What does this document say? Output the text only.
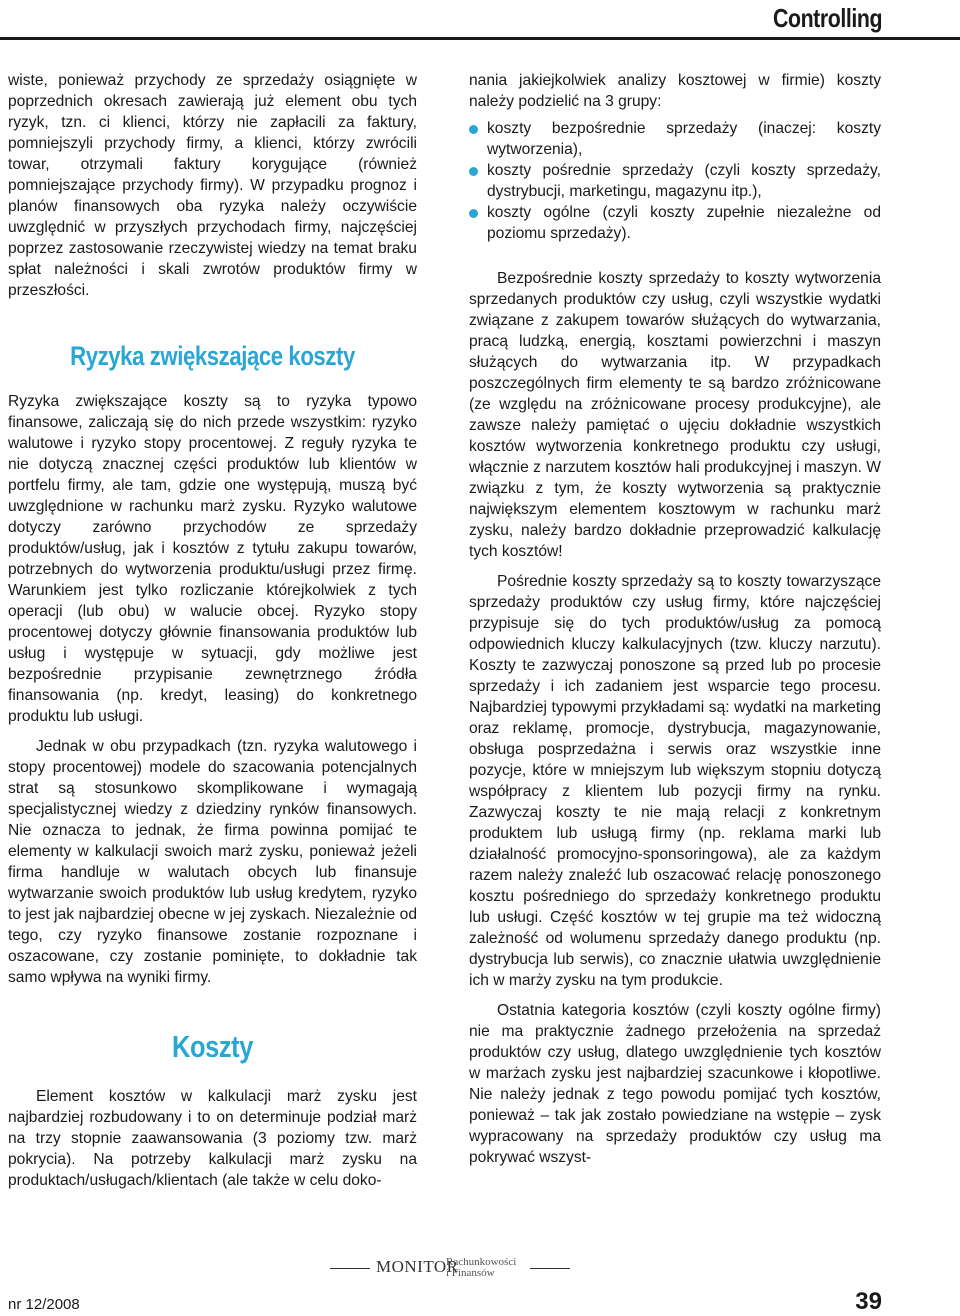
Controlling

wiste, ponieważ przychody ze sprzedaży osiągnięte w poprzednich okresach zawierają już element obu tych ryzyk, tzn. ci klienci, którzy nie zapłacili za faktury, pomniejszyli przychody firmy, a klienci, którzy zwrócili towar, otrzymali faktury korygujące (również pomniejszające przychody firmy). W przypadku prognoz i planów finansowych oba ryzyka należy oczywiście uwzględnić w przyszłych przychodach firmy, najczęściej poprzez zastosowanie rzeczywistej wiedzy na temat braku spłat należności i skali zwrotów produktów firmy w przeszłości.

Ryzyka zwiększające koszty

Ryzyka zwiększające koszty są to ryzyka typowo finansowe, zaliczają się do nich przede wszystkim: ryzyko walutowe i ryzyko stopy procentowej. Z reguły ryzyka te nie dotyczą znacznej części produktów lub klientów w portfelu firmy, ale tam, gdzie one występują, muszą być uwzględnione w rachunku marż zysku. Ryzyko walutowe dotyczy zarówno przychodów ze sprzedaży produktów/usług, jak i kosztów z tytułu zakupu towarów, potrzebnych do wytworzenia produktu/usługi przez firmę. Warunkiem jest tylko rozliczanie którejkolwiek z tych operacji (lub obu) w walucie obcej. Ryzyko stopy procentowej dotyczy głównie finansowania produktów lub usług i występuje w sytuacji, gdy możliwe jest bezpośrednie przypisanie zewnętrznego źródła finansowania (np. kredyt, leasing) do konkretnego produktu lub usługi.

Jednak w obu przypadkach (tzn. ryzyka walutowego i stopy procentowej) modele do szacowania potencjalnych strat są stosunkowo skomplikowane i wymagają specjalistycznej wiedzy z dziedziny rynków finansowych. Nie oznacza to jednak, że firma powinna pomijać te elementy w kalkulacji swoich marż zysku, ponieważ jeżeli firma handluje w walutach obcych lub finansuje wytwarzanie swoich produktów lub usług kredytem, ryzyko to jest jak najbardziej obecne w jej zyskach. Niezależnie od tego, czy ryzyko finansowe zostanie rozpoznane i oszacowane, czy zostanie pominięte, to dokładnie tak samo wpływa na wyniki firmy.

Koszty

Element kosztów w kalkulacji marż zysku jest najbardziej rozbudowany i to on determinuje podział marż na trzy stopnie zaawansowania (3 poziomy tzw. marż pokrycia). Na potrzeby kalkulacji marż zysku na produktach/usługach/klientach (ale także w celu doko-

nania jakiejkolwiek analizy kosztowej w firmie) koszty należy podzielić na 3 grupy:

koszty bezpośrednie sprzedaży (inaczej: koszty wytworzenia),
koszty pośrednie sprzedaży (czyli koszty sprzedaży, dystrybucji, marketingu, magazynu itp.),
koszty ogólne (czyli koszty zupełnie niezależne od poziomu sprzedaży).

Bezpośrednie koszty sprzedaży to koszty wytworzenia sprzedanych produktów czy usług, czyli wszystkie wydatki związane z zakupem towarów służących do wytwarzania, pracą ludzką, energią, kosztami powierzchni i maszyn służących do wytwarzania itp. W przypadkach poszczególnych firm elementy te są bardzo zróżnicowane (ze względu na zróżnicowane procesy produkcyjne), ale zawsze należy pamiętać o ujęciu dokładnie wszystkich kosztów wytworzenia konkretnego produktu czy usługi, włącznie z narzutem kosztów hali produkcyjnej i maszyn. W związku z tym, że koszty wytworzenia są praktycznie największym elementem kosztowym w rachunku marż zysku, należy bardzo dokładnie przeprowadzić kalkulację tych kosztów!

Pośrednie koszty sprzedaży są to koszty towarzyszące sprzedaży produktów czy usług firmy, które najczęściej przypisuje się do tych produktów/usług za pomocą odpowiednich kluczy kalkulacyjnych (tzw. kluczy narzutu). Koszty te zazwyczaj ponoszone są przed lub po procesie sprzedaży i ich zadaniem jest wsparcie tego procesu. Najbardziej typowymi przykładami są: wydatki na marketing oraz reklamę, promocje, dystrybucja, magazynowanie, obsługa posprzedażna i serwis oraz wszystkie inne pozycje, które w mniejszym lub większym stopniu dotyczą współpracy z klientem lub pozycji firmy na rynku. Zazwyczaj koszty te nie mają relacji z konkretnym produktem lub usługą firmy (np. reklama marki lub działalność promocyjno-sponsoringowa), ale za każdym razem należy znaleźć lub oszacować relację ponoszonego kosztu pośredniego do sprzedaży konkretnego produktu lub usługi. Część kosztów w tej grupie ma też widoczną zależność od wolumenu sprzedaży danego produktu (np. dystrybucja lub serwis), co znacznie ułatwia uwzględnienie ich w marży zysku na tym produkcie.

Ostatnia kategoria kosztów (czyli koszty ogólne firmy) nie ma praktycznie żadnego przełożenia na sprzedaż produktów czy usług, dlatego uwzględnienie tych kosztów w marżach zysku jest najbardziej szacunkowe i kłopotliwe. Nie należy jednak z tego powodu pomijać tych kosztów, ponieważ – tak jak zostało powiedziane na wstępie – zysk wypracowany na sprzedaży produktów czy usług ma pokrywać wszyst-

MONITOR
Rachunkowości
i Finansów
nr 12/2008	39
